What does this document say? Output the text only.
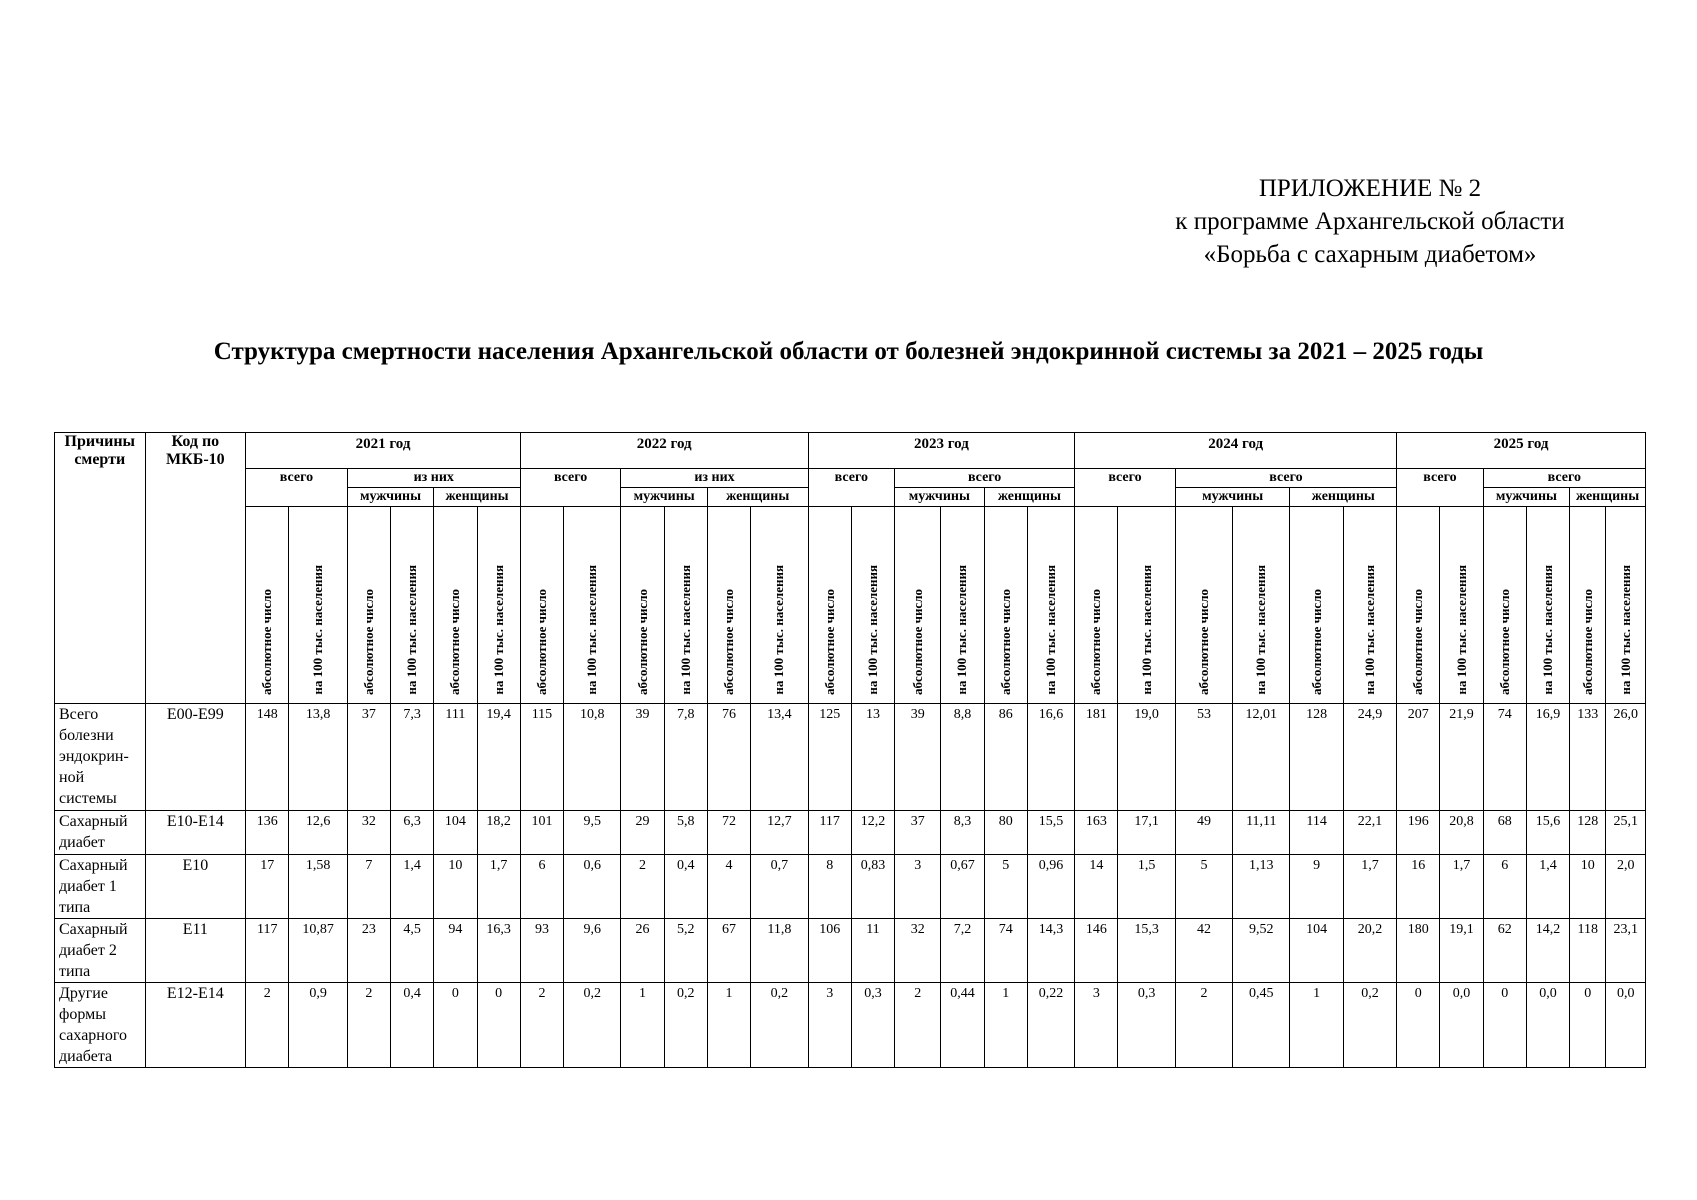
ПРИЛОЖЕНИЕ № 2
к программе Архангельской области
«Борьба с сахарным диабетом»
Структура смертности населения Архангельской области от болезней эндокринной системы за 2021 – 2025 годы
Причины смерти	Код по МКБ-10	2021 год						2022 год						2023 год						2024 год						2025 год					
		всего		из них				всего		из них				всего		всего				всего		всего				всего		всего			
				мужчины		женщины				мужчины		женщины				мужчины		женщины				мужчины		женщины				мужчины		женщины	

		абсолютное число	на 100 тыс. населения	абсолютное число	на 100 тыс. населения	абсолютное число	на 100 тыс. населения	абсолютное число	на 100 тыс. населения	абсолютное число	на 100 тыс. населения	абсолютное число	на 100 тыс. населения	абсолютное число	на 100 тыс. населения	абсолютное число	на 100 тыс. населения	абсолютное число	на 100 тыс. населения	абсолютное число	на 100 тыс. населения	абсолютное число	на 100 тыс. населения	абсолютное число	на 100 тыс. населения	абсолютное число	на 100 тыс. населения	абсолютное число	на 100 тыс. населения	абсолютное число	на 100 тыс. населения

Всего болезни эндокрин-ной системы	Е00-Е99	148	13,8	37	7,3	111	19,4	115	10,8	39	7,8	76	13,4	125	13	39	8,8	86	16,6	181	19,0	53	12,01	128	24,9	207	21,9	74	16,9	133	26,0
Сахарный диабет	Е10-Е14	136	12,6	32	6,3	104	18,2	101	9,5	29	5,8	72	12,7	117	12,2	37	8,3	80	15,5	163	17,1	49	11,11	114	22,1	196	20,8	68	15,6	128	25,1
Сахарный диабет 1 типа	Е10	17	1,58	7	1,4	10	1,7	6	0,6	2	0,4	4	0,7	8	0,83	3	0,67	5	0,96	14	1,5	5	1,13	9	1,7	16	1,7	6	1,4	10	2,0
Сахарный диабет 2 типа	Е11	117	10,87	23	4,5	94	16,3	93	9,6	26	5,2	67	11,8	106	11	32	7,2	74	14,3	146	15,3	42	9,52	104	20,2	180	19,1	62	14,2	118	23,1
Другие формы сахарного диабета	Е12-Е14	2	0,9	2	0,4	0	0	2	0,2	1	0,2	1	0,2	3	0,3	2	0,44	1	0,22	3	0,3	2	0,45	1	0,2	0	0,0	0	0,0	0	0,0
